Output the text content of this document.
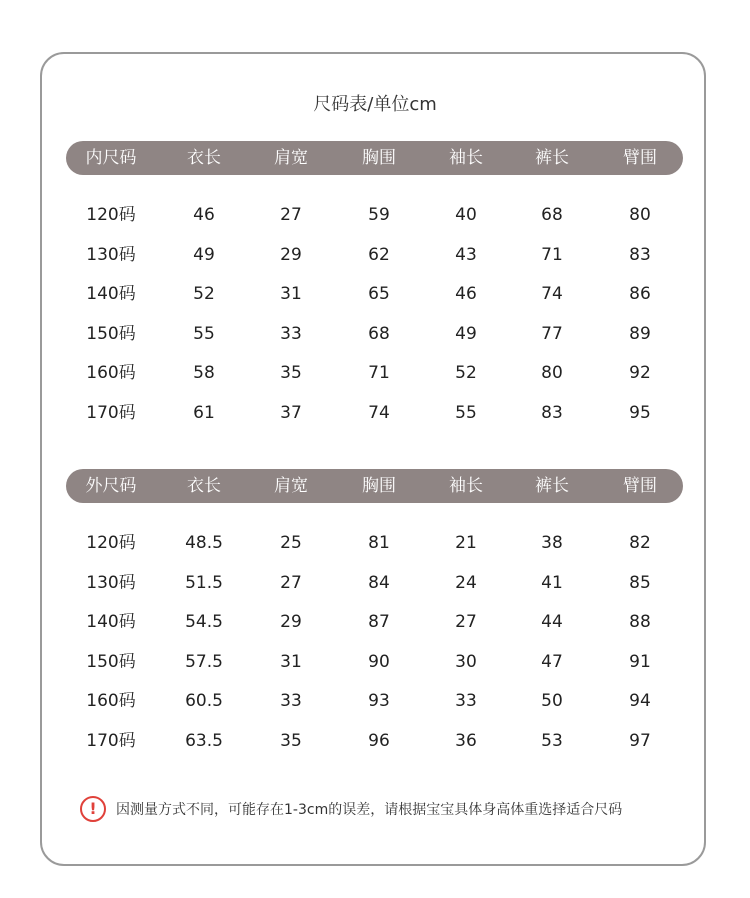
尺码表/单位cm
内尺码	衣长	肩宽	胸围	袖长	裤长	臂围
120码	46	27	59	40	68	80
130码	49	29	62	43	71	83
140码	52	31	65	46	74	86
150码	55	33	68	49	77	89
160码	58	35	71	52	80	92
170码	61	37	74	55	83	95
外尺码	衣长	肩宽	胸围	袖长	裤长	臂围
120码	48.5	25	81	21	38	82
130码	51.5	27	84	24	41	85
140码	54.5	29	87	27	44	88
150码	57.5	31	90	30	47	91
160码	60.5	33	93	33	50	94
170码	63.5	35	96	36	53	97
!	因测量方式不同，可能存在1-3cm的误差，请根据宝宝具体身高体重选择适合尺码
